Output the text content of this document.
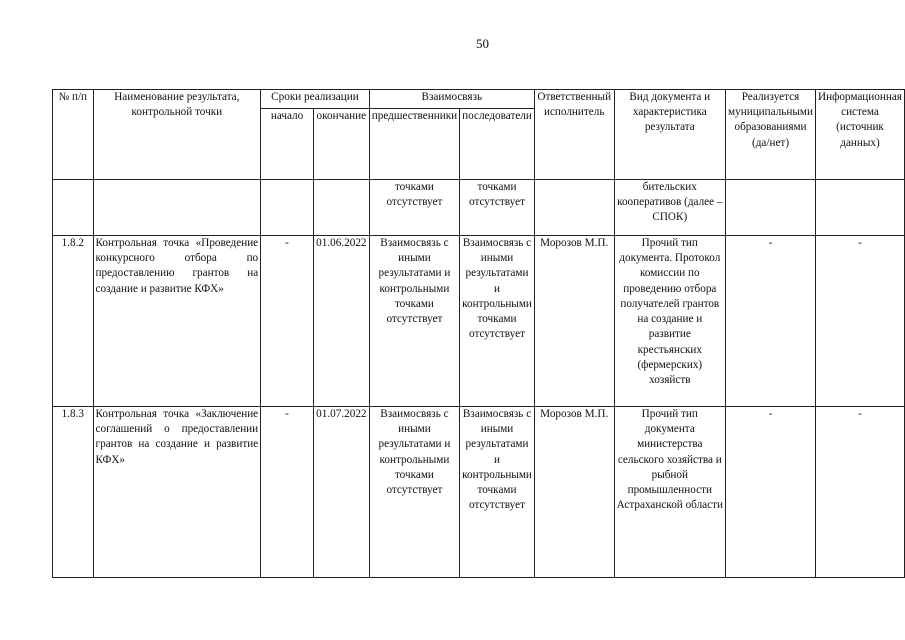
50
№ п/п	Наименование результата, контрольной точки	Сроки реализации		Взаимосвязь		Ответственный исполнитель	Вид документа и характеристика результата	Реализуется муниципальными образованиями (да/нет)	Информационная система (источник данных)
		начало	окончание	предшественники	последователи				

				точками отсутствует	точками отсутствует		бительских кооперативов (далее – СПОК)		
1.8.2	Контрольная точка «Проведение конкурсного отбора по предоставлению грантов на создание и развитие КФХ»	-	01.06.2022	Взаимосвязь с иными результатами и контрольными точками отсутствует	Взаимосвязь с иными результатами и контрольными точками отсутствует	Морозов М.П.	Прочий тип документа. Протокол комиссии по проведению отбора получателей грантов на создание и развитие крестьянских (фермерских) хозяйств	-	-
1.8.3	Контрольная точка «Заключение соглашений о предоставлении грантов на создание и развитие КФХ»	-	01.07.2022	Взаимосвязь с иными результатами и контрольными точками отсутствует	Взаимосвязь с иными результатами и контрольными точками отсутствует	Морозов М.П.	Прочий тип документа министерства сельского хозяйства и рыбной промышленности Астраханской области	-	-
